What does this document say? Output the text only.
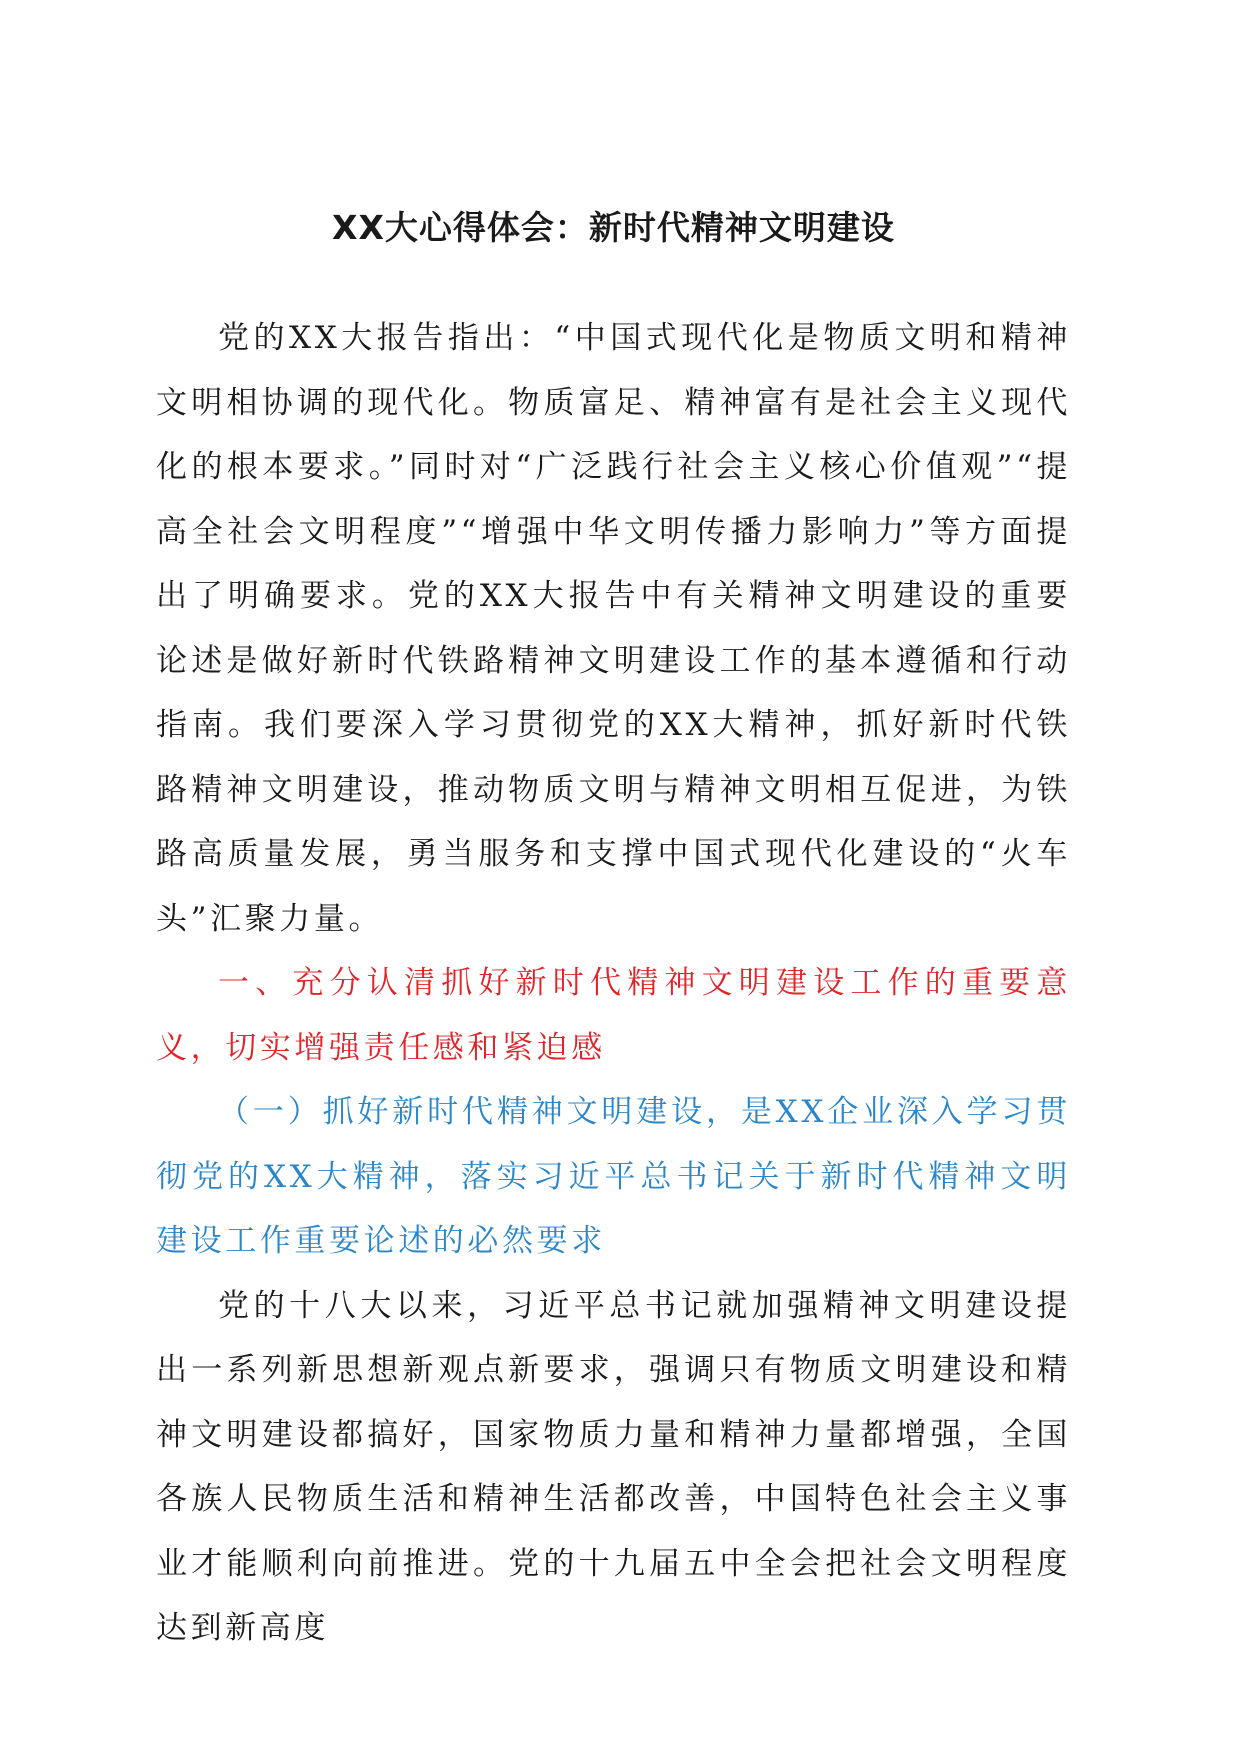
XX大心得体会：新时代精神文明建设

党的XX大报告指出：“中国式现代化是物质文明和精神文明相协调的现代化。物质富足、精神富有是社会主义现代化的根本要求。”同时对“广泛践行社会主义核心价值观”“提高全社会文明程度”“增强中华文明传播力影响力”等方面提出了明确要求。党的XX大报告中有关精神文明建设的重要论述是做好新时代铁路精神文明建设工作的基本遵循和行动指南。我们要深入学习贯彻党的XX大精神，抓好新时代铁路精神文明建设，推动物质文明与精神文明相互促进，为铁路高质量发展，勇当服务和支撑中国式现代化建设的“火车头”汇聚力量。

一、充分认清抓好新时代精神文明建设工作的重要意义，切实增强责任感和紧迫感

（一）抓好新时代精神文明建设，是XX企业深入学习贯彻党的XX大精神，落实习近平总书记关于新时代精神文明建设工作重要论述的必然要求

党的十八大以来，习近平总书记就加强精神文明建设提出一系列新思想新观点新要求，强调只有物质文明建设和精神文明建设都搞好，国家物质力量和精神力量都增强，全国各族人民物质生活和精神生活都改善，中国特色社会主义事业才能顺利向前推进。党的十九届五中全会把社会文明程度达到新高度
